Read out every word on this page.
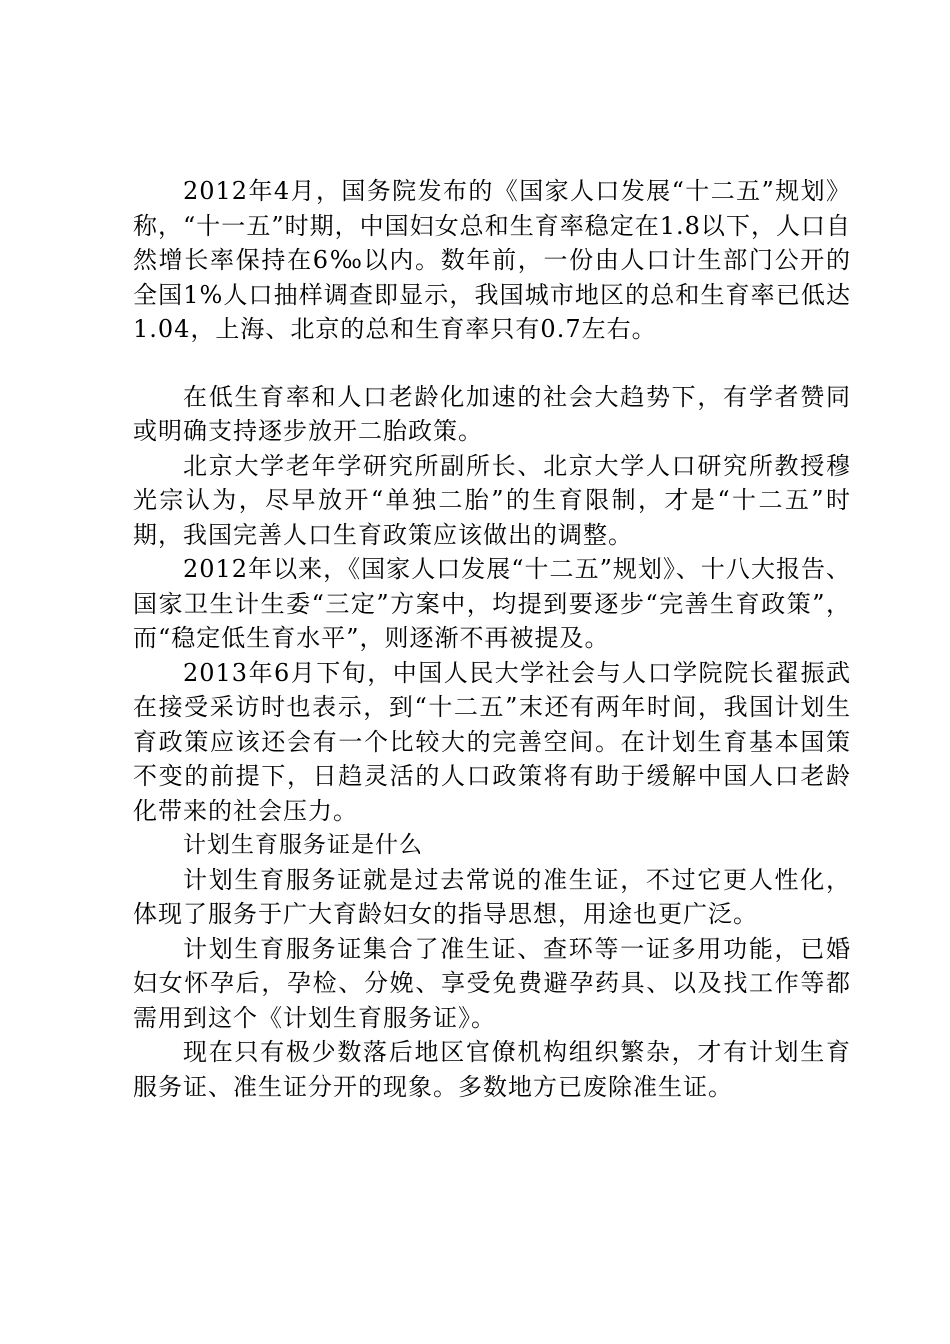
2012年4月，国务院发布的《国家人口发展“十二五”规划》称，“十一五”时期，中国妇女总和生育率稳定在1.8以下，人口自然增长率保持在6‰以内。数年前，一份由人口计生部门公开的全国1%人口抽样调查即显示，我国城市地区的总和生育率已低达1.04，上海、北京的总和生育率只有0.7左右。

在低生育率和人口老龄化加速的社会大趋势下，有学者赞同或明确支持逐步放开二胎政策。

北京大学老年学研究所副所长、北京大学人口研究所教授穆光宗认为，尽早放开“单独二胎”的生育限制，才是“十二五”时期，我国完善人口生育政策应该做出的调整。

2012年以来，《国家人口发展“十二五”规划》、十八大报告、国家卫生计生委“三定”方案中，均提到要逐步“完善生育政策”，而“稳定低生育水平”，则逐渐不再被提及。

2013年6月下旬，中国人民大学社会与人口学院院长翟振武在接受采访时也表示，到“十二五”末还有两年时间，我国计划生育政策应该还会有一个比较大的完善空间。在计划生育基本国策不变的前提下，日趋灵活的人口政策将有助于缓解中国人口老龄化带来的社会压力。

计划生育服务证是什么

计划生育服务证就是过去常说的准生证，不过它更人性化，体现了服务于广大育龄妇女的指导思想，用途也更广泛。

计划生育服务证集合了准生证、查环等一证多用功能，已婚妇女怀孕后，孕检、分娩、享受免费避孕药具、以及找工作等都需用到这个《计划生育服务证》。

现在只有极少数落后地区官僚机构组织繁杂，才有计划生育服务证、准生证分开的现象。多数地方已废除准生证。
